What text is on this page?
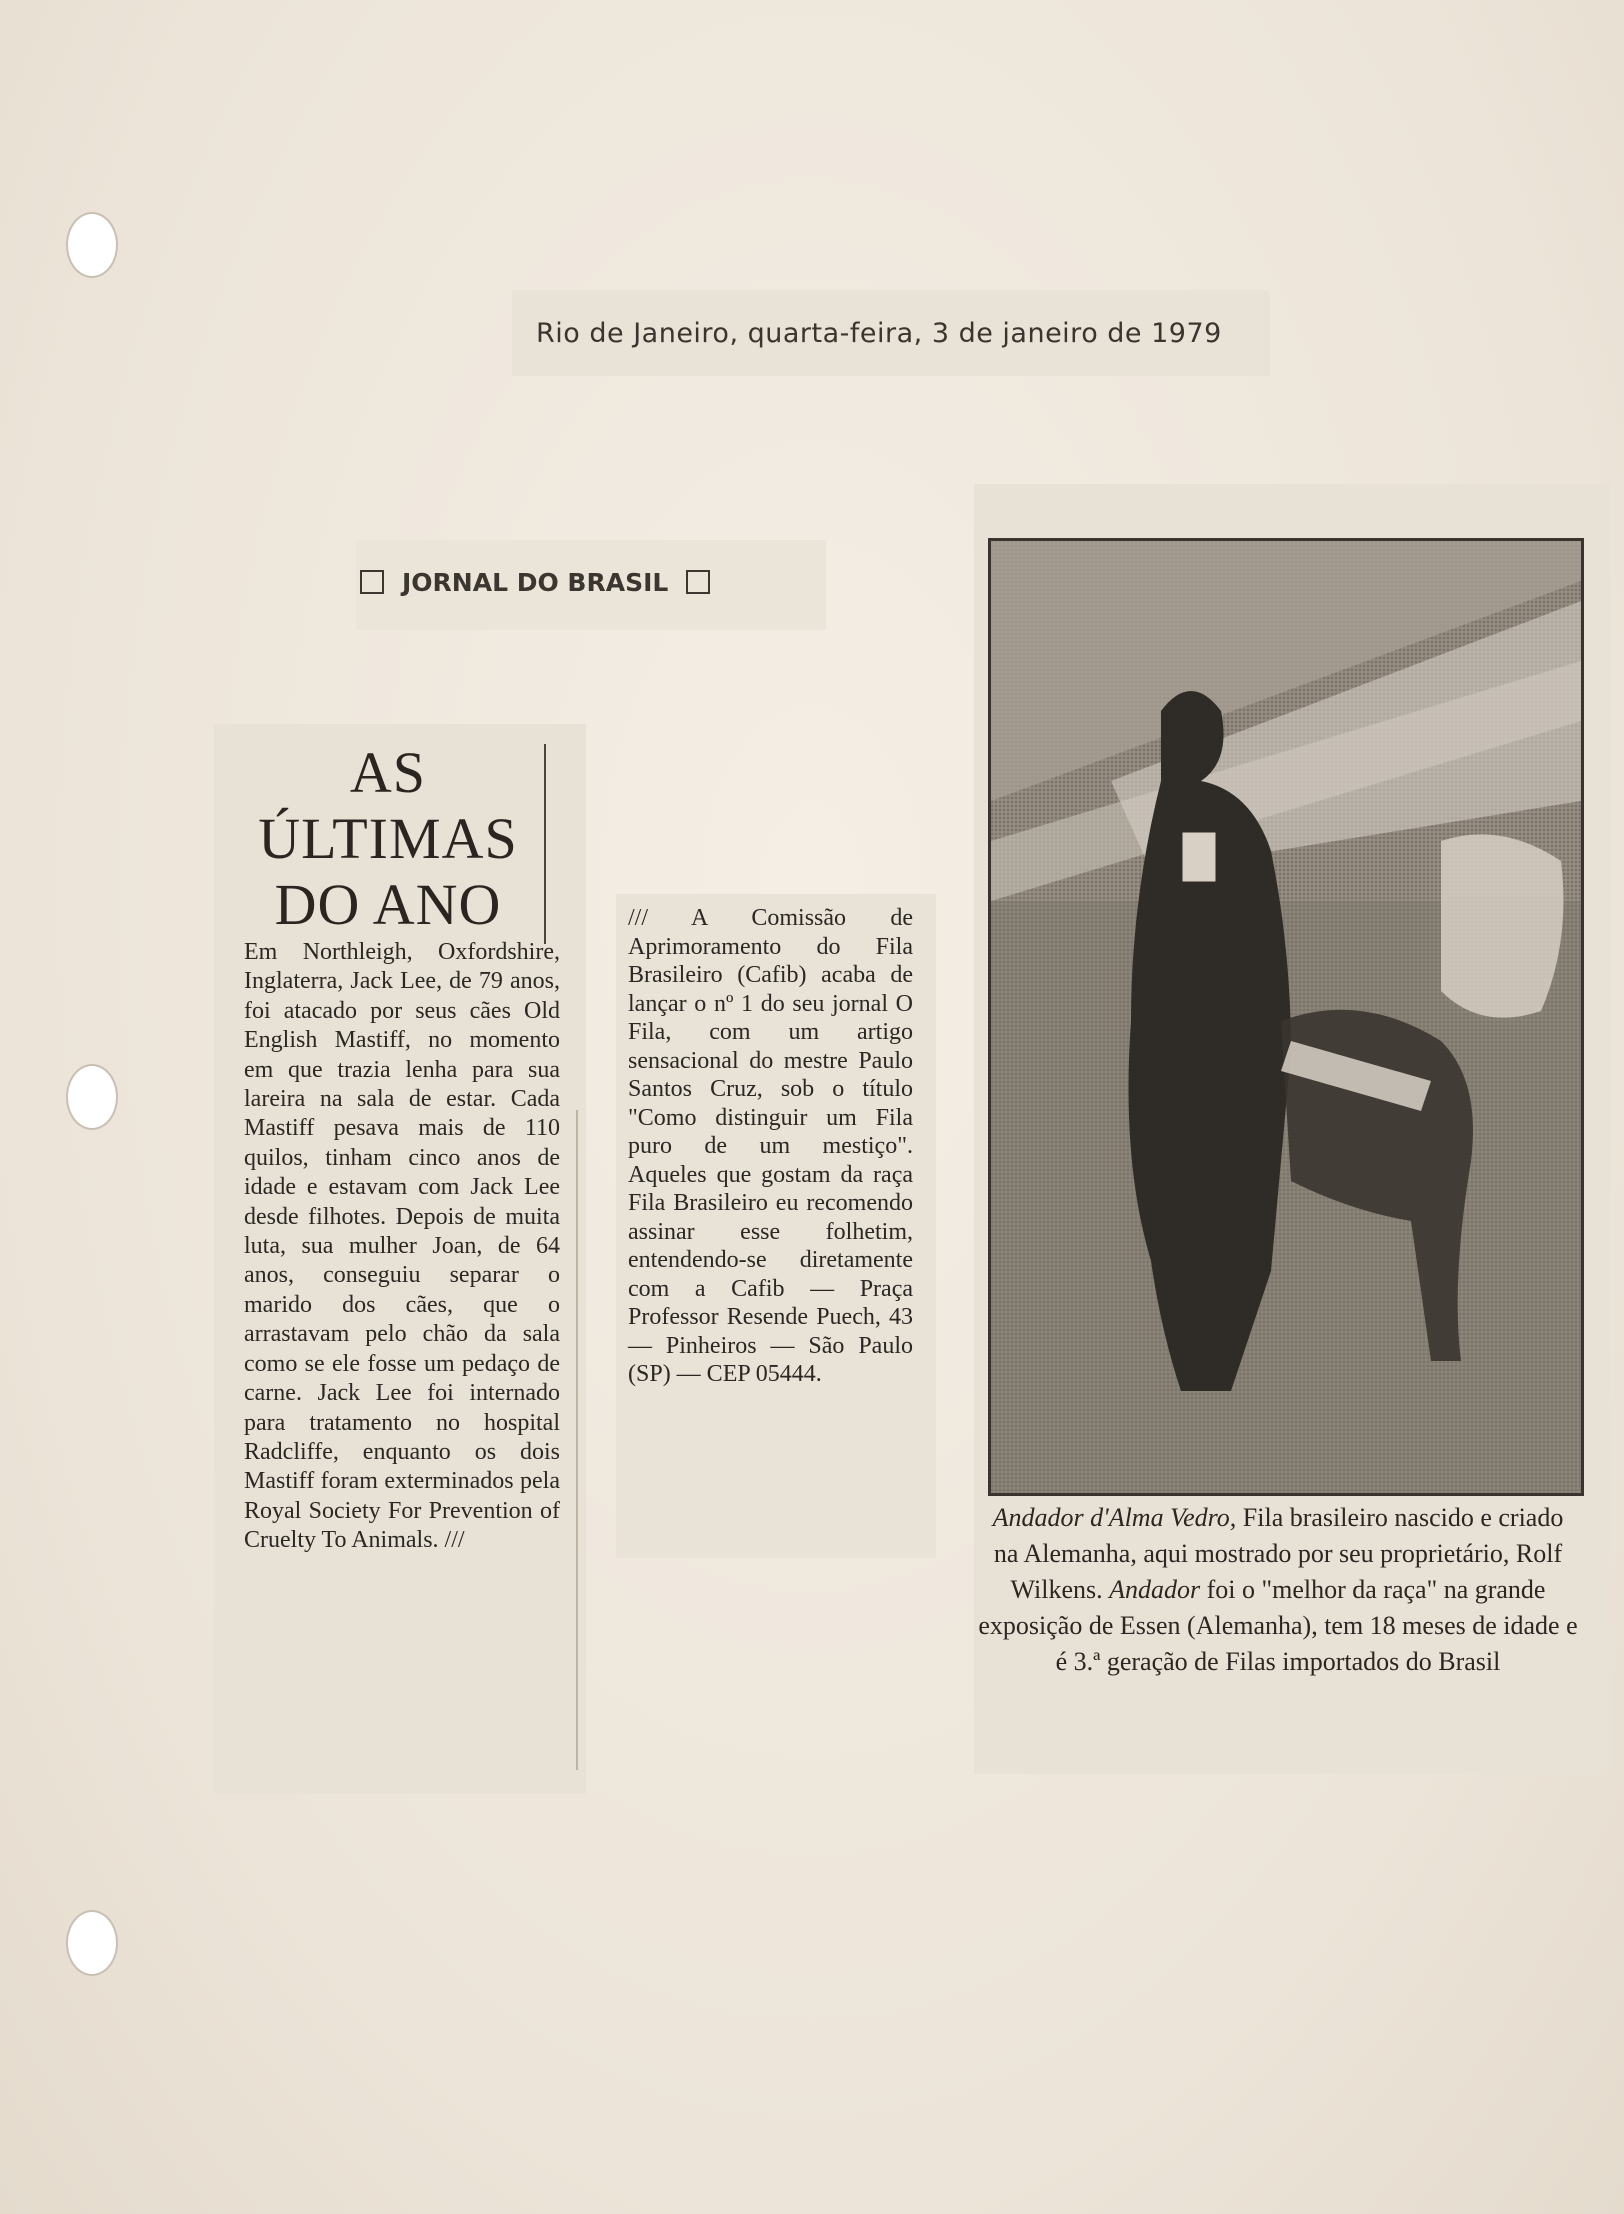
Rio de Janeiro, quarta-feira, 3 de janeiro de 1979
JORNAL DO BRASIL
AS
ÚLTIMAS
DO ANO
Em Northleigh, Oxfordshire, Inglaterra, Jack Lee, de 79 anos, foi atacado por seus cães Old English Mastiff, no momento em que trazia lenha para sua lareira na sala de estar. Cada Mastiff pesava mais de 110 quilos, tinham cinco anos de idade e estavam com Jack Lee desde filhotes. Depois de muita luta, sua mulher Joan, de 64 anos, conseguiu separar o marido dos cães, que o arrastavam pelo chão da sala como se ele fosse um pedaço de carne. Jack Lee foi internado para tratamento no hospital Radcliffe, enquanto os dois Mastiff foram exterminados pela Royal Society For Prevention of Cruelty To Animals. ///
/// A Comissão de Aprimoramento do Fila Brasileiro (Cafib) acaba de lançar o nº 1 do seu jornal O Fila, com um artigo sensacional do mestre Paulo Santos Cruz, sob o título "Como distinguir um Fila puro de um mestiço". Aqueles que gostam da raça Fila Brasileiro eu recomendo assinar esse folhetim, entendendo-se diretamente com a Cafib — Praça Professor Resende Puech, 43 — Pinheiros — São Paulo (SP) — CEP 05444.
Andador d'Alma Vedro, Fila brasileiro nascido e criado na Alemanha, aqui mostrado por seu proprietário, Rolf Wilkens. Andador foi o "melhor da raça" na grande exposição de Essen (Alemanha), tem 18 meses de idade e é 3.ª geração de Filas importados do Brasil
